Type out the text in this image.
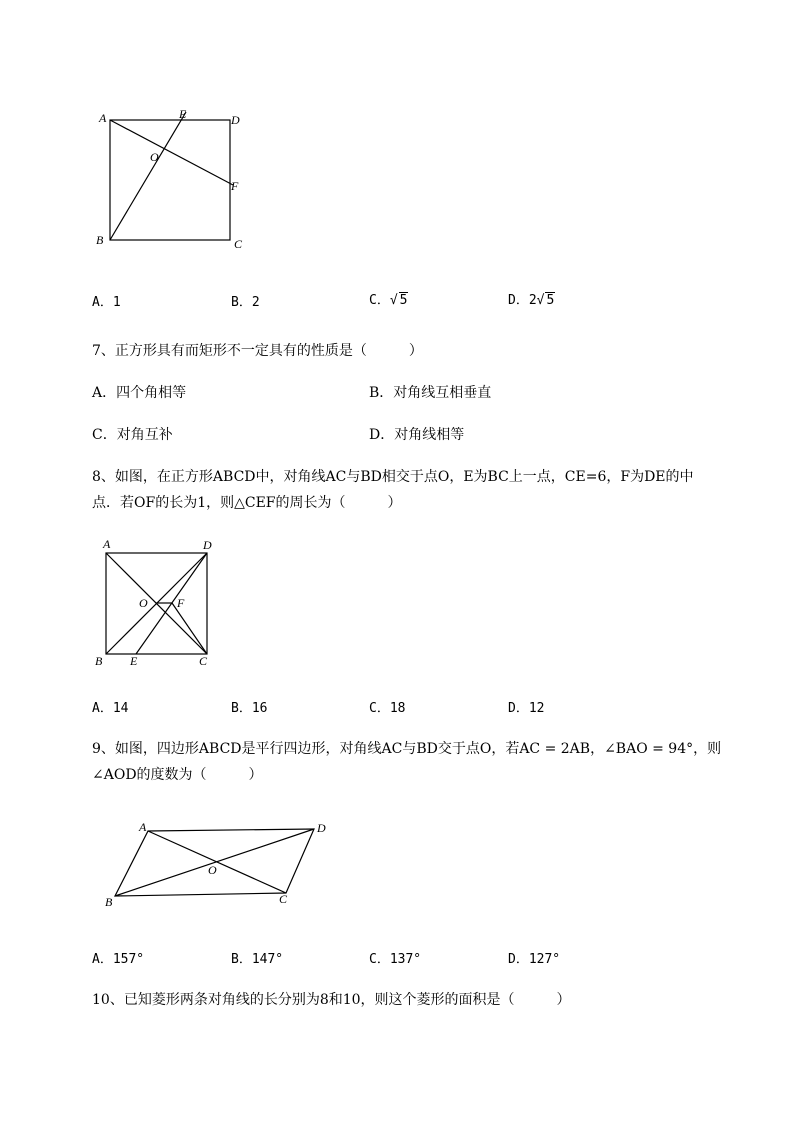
A	E	D
O
F
B	C
A．1	B．2	C．√ 5	D．2√ 5
7、正方形具有而矩形不一定具有的性质是（　　　）
A．四个角相等	B．对角线互相垂直
C．对角互补	D．对角线相等
8、如图，在正方形ABCD中，对角线AC与BD相交于点O，E为BC上一点，CE=6，F为DE的中
点．若OF的长为1，则△CEF的周长为（　　　）
A	D
O F
B E	C
A．14	B．16	C．18	D．12
9、如图，四边形ABCD是平行四边形，对角线AC与BD交于点O，若AC = 2AB，∠BAO = 94°，则
∠AOD的度数为（　　　）
A	D
O
B	C
A．157°	B．147°	C．137°	D．127°
10、已知菱形两条对角线的长分别为8和10，则这个菱形的面积是（　　　）
